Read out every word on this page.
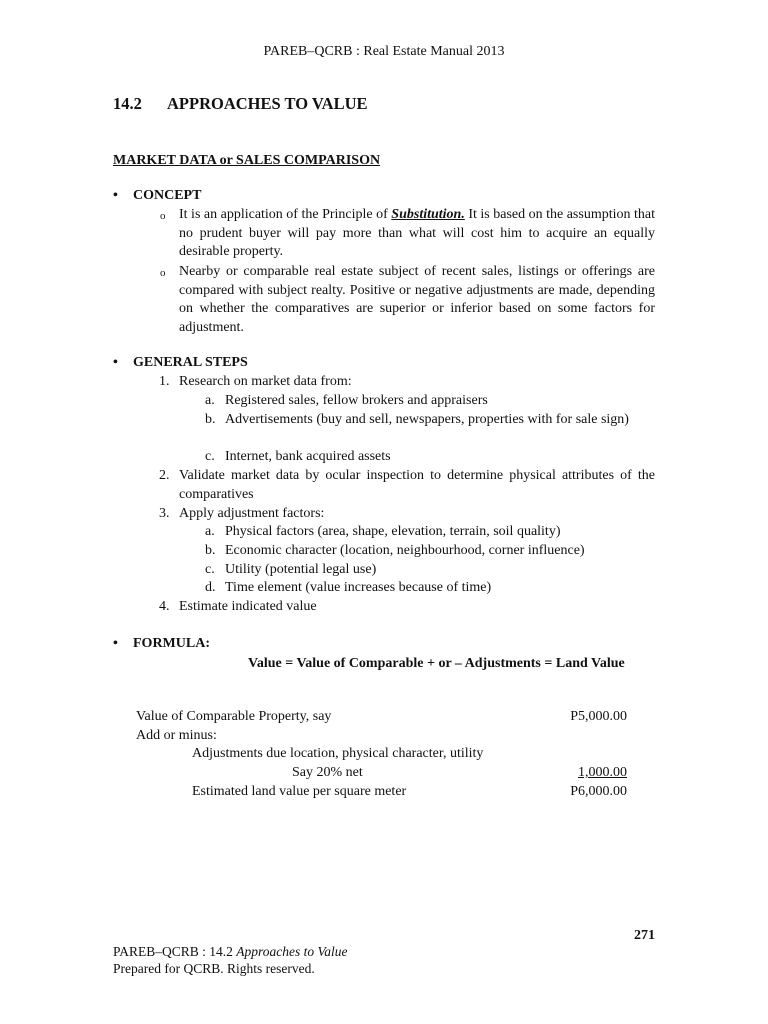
PAREB–QCRB : Real Estate Manual 2013
14.2 APPROACHES TO VALUE
MARKET DATA or SALES COMPARISON
• CONCEPT
o It is an application of the Principle of Substitution. It is based on the assumption that no prudent buyer will pay more than what will cost him to acquire an equally desirable property.
o Nearby or comparable real estate subject of recent sales, listings or offerings are compared with subject realty. Positive or negative adjustments are made, depending on whether the comparatives are superior or inferior based on some factors for adjustment.
• GENERAL STEPS
1. Research on market data from:
a. Registered sales, fellow brokers and appraisers
b. Advertisements (buy and sell, newspapers, properties with for sale sign)
c. Internet, bank acquired assets
2. Validate market data by ocular inspection to determine physical attributes of the comparatives
3. Apply adjustment factors:
a. Physical factors (area, shape, elevation, terrain, soil quality)
b. Economic character (location, neighbourhood, corner influence)
c. Utility (potential legal use)
d. Time element (value increases because of time)
4. Estimate indicated value
• FORMULA:
Value = Value of Comparable + or – Adjustments = Land Value
Value of Comparable Property, say	P5,000.00
Add or minus:
Adjustments due location, physical character, utility
Say 20% net	1,000.00
Estimated land value per square meter	P6,000.00
271
PAREB–QCRB : 14.2 Approaches to Value
Prepared for QCRB. Rights reserved.
